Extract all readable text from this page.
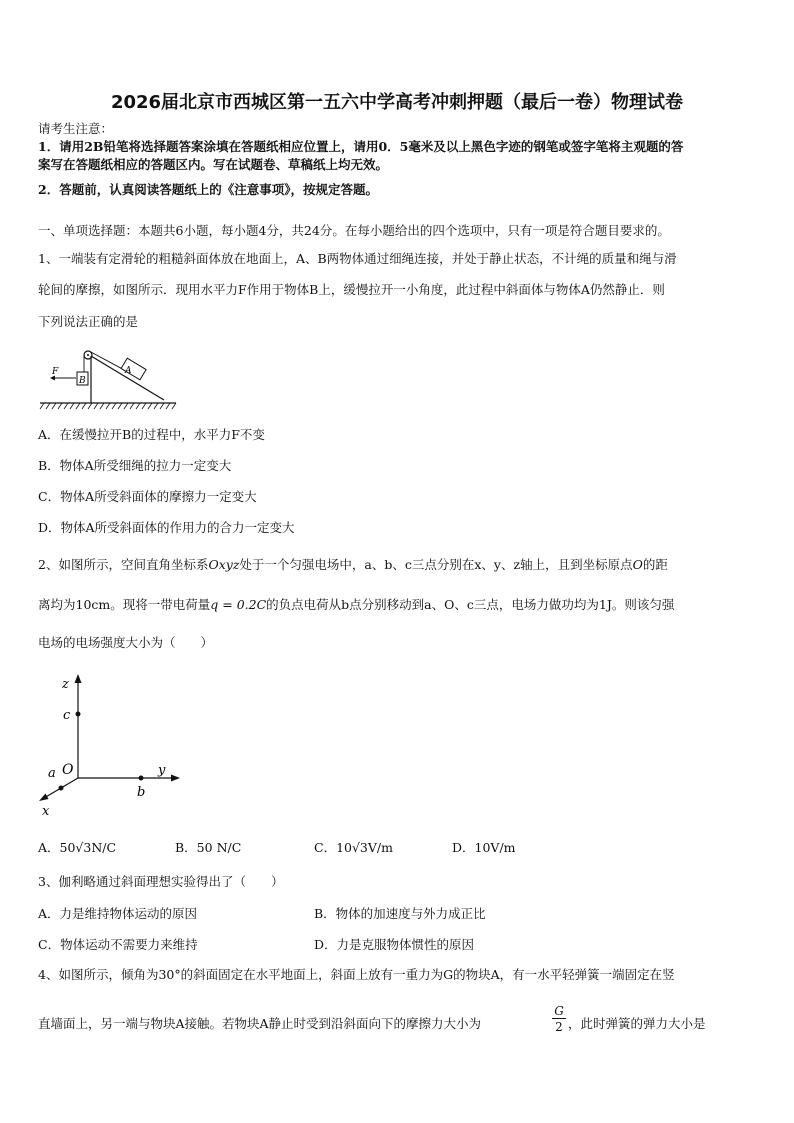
2026届北京市西城区第一五六中学高考冲刺押题（最后一卷）物理试卷
请考生注意：
1．请用2B铅笔将选择题答案涂填在答题纸相应位置上，请用0．5毫米及以上黑色字迹的钢笔或签字笔将主观题的答
案写在答题纸相应的答题区内。写在试题卷、草稿纸上均无效。
2．答题前，认真阅读答题纸上的《注意事项》，按规定答题。
一、单项选择题：本题共6小题，每小题4分，共24分。在每小题给出的四个选项中，只有一项是符合题目要求的。
1、一端装有定滑轮的粗糙斜面体放在地面上，A、B两物体通过细绳连接，并处于静止状态，不计绳的质量和绳与滑
轮间的摩擦，如图所示．现用水平力F作用于物体B上，缓慢拉开一小角度，此过程中斜面体与物体A仍然静止．则
下列说法正确的是
B
F	A
A．在缓慢拉开B的过程中，水平力F不变
B．物体A所受细绳的拉力一定变大
C．物体A所受斜面体的摩擦力一定变大
D．物体A所受斜面体的作用力的合力一定变大
2、如图所示，空间直角坐标系Oxyz处于一个匀强电场中，a、b、c三点分别在x、y、z轴上，且到坐标原点O的距
离均为10cm。现将一带电荷量q = 0.2C的负点电荷从b点分别移动到a、O、c三点，电场力做功均为1J。则该匀强
电场的电场强度大小为（　　）
z
c
y
b
O
x
a
A．50√3N/C	B．50 N/C	C．10√3V/m	D．10V/m
3、伽利略通过斜面理想实验得出了（　　）
A．力是维持物体运动的原因	B．物体的加速度与外力成正比
C．物体运动不需要力来维持	D．力是克服物体惯性的原因
4、如图所示，倾角为30°的斜面固定在水平地面上，斜面上放有一重力为G的物块A，有一水平轻弹簧一端固定在竖
直墙面上，另一端与物块A接触。若物块A静止时受到沿斜面向下的摩擦力大小为	$\frac{G}{2}$ ，此时弹簧的弹力大小是
